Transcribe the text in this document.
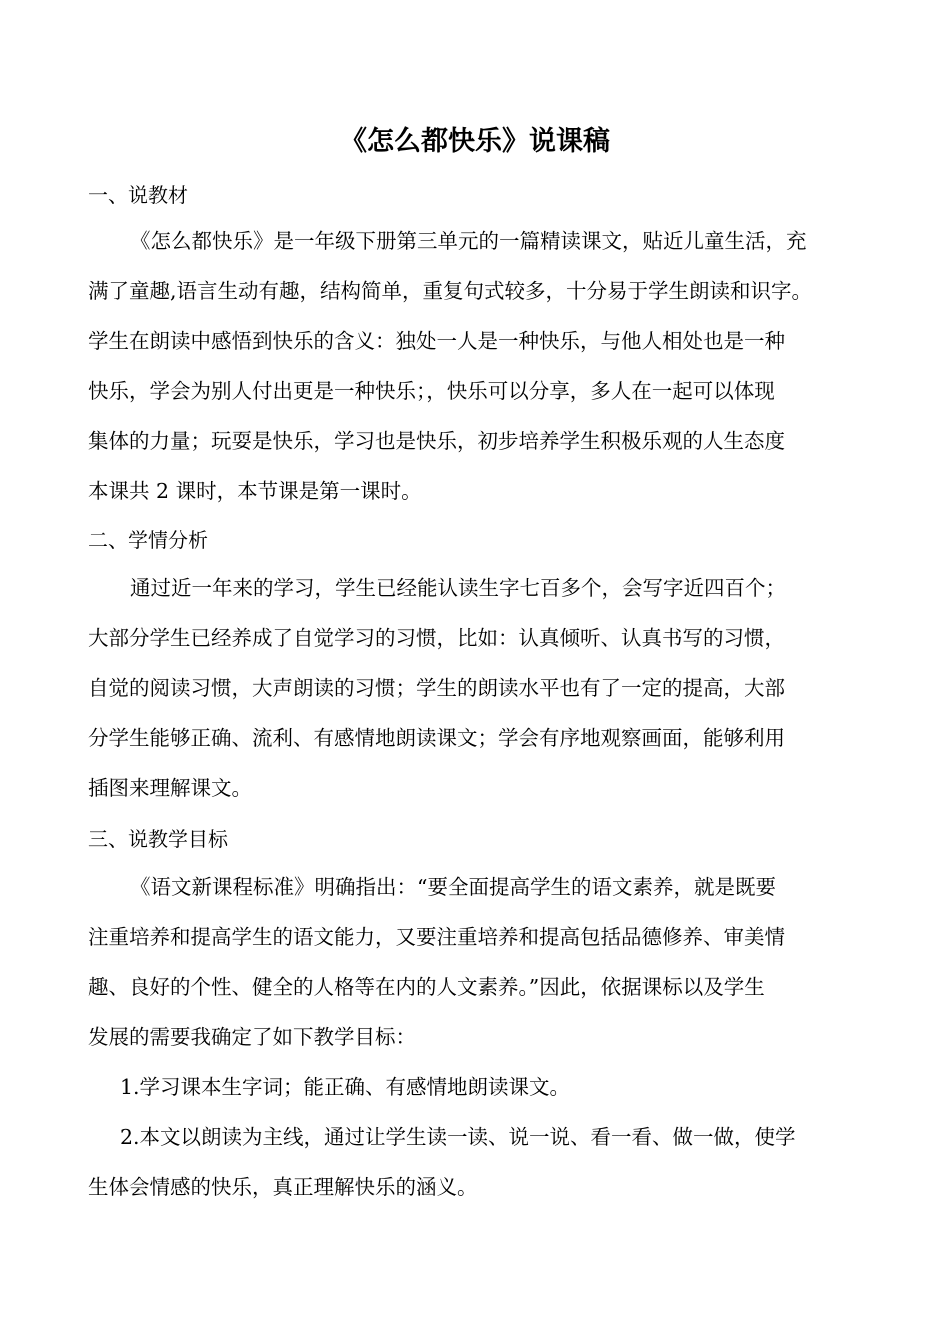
《怎么都快乐》说课稿
一、说教材
《怎么都快乐》是一年级下册第三单元的一篇精读课文，贴近儿童生活，充
满了童趣,语言生动有趣，结构简单，重复句式较多，十分易于学生朗读和识字。
学生在朗读中感悟到快乐的含义：独处一人是一种快乐，与他人相处也是一种
快乐，学会为别人付出更是一种快乐；，快乐可以分享，多人在一起可以体现
集体的力量；玩耍是快乐，学习也是快乐，初步培养学生积极乐观的人生态度
本课共 2 课时，本节课是第一课时。
二、学情分析
通过近一年来的学习，学生已经能认读生字七百多个，会写字近四百个；
大部分学生已经养成了自觉学习的习惯，比如：认真倾听、认真书写的习惯，
自觉的阅读习惯，大声朗读的习惯；学生的朗读水平也有了一定的提高，大部
分学生能够正确、流利、有感情地朗读课文；学会有序地观察画面，能够利用
插图来理解课文。
三、说教学目标
《语文新课程标准》明确指出：“要全面提高学生的语文素养，就是既要
注重培养和提高学生的语文能力，又要注重培养和提高包括品德修养、审美情
趣、良好的个性、健全的人格等在内的人文素养。”因此，依据课标以及学生
发展的需要我确定了如下教学目标：
1.学习课本生字词；能正确、有感情地朗读课文。
2.本文以朗读为主线，通过让学生读一读、说一说、看一看、做一做，使学
生体会情感的快乐，真正理解快乐的涵义。
